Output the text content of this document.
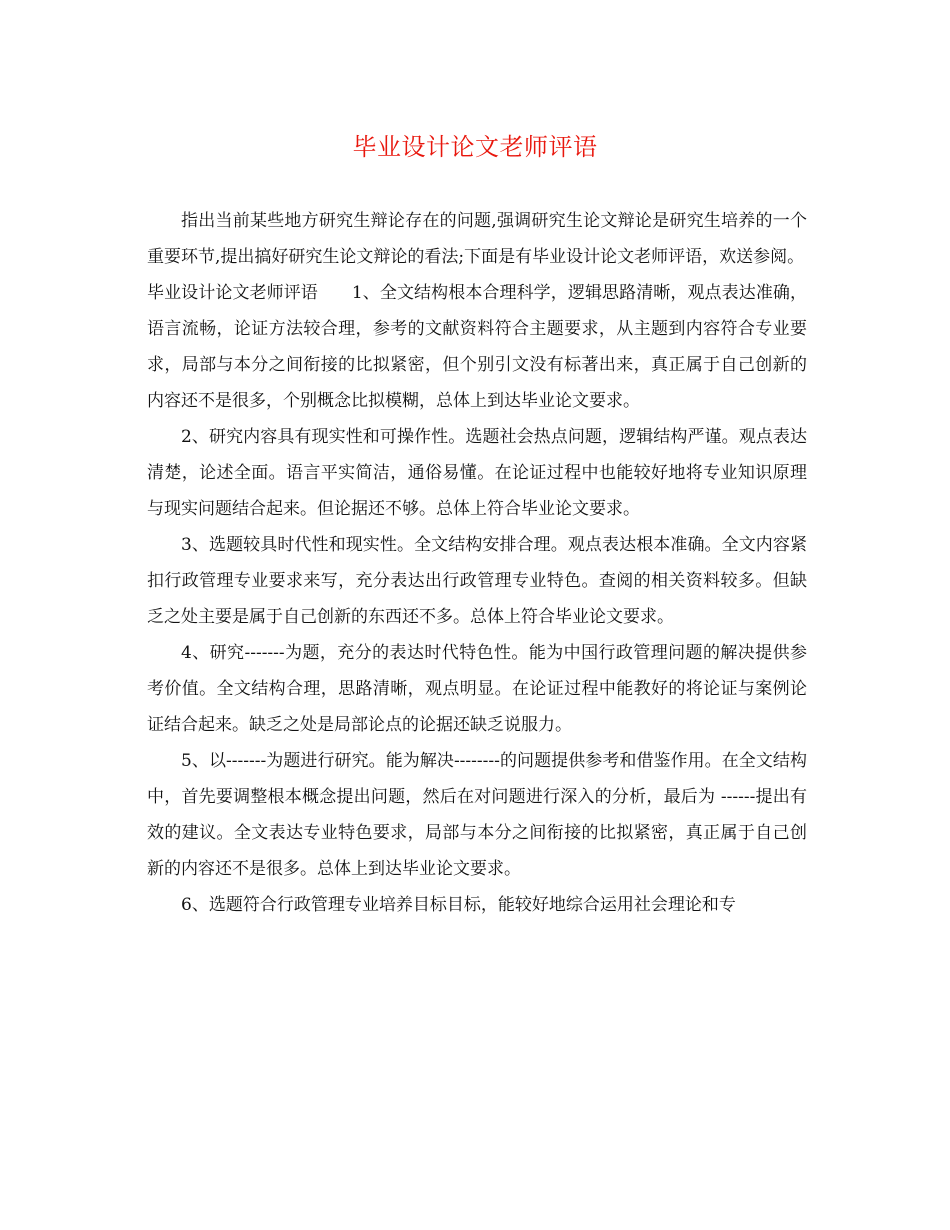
毕业设计论文老师评语

指出当前某些地方研究生辩论存在的问题,强调研究生论文辩论是研究生培养的一个重要环节,提出搞好研究生论文辩论的看法;下面是有毕业设计论文老师评语，欢送参阅。

毕业设计论文老师评语 1、全文结构根本合理科学，逻辑思路清晰，观点表达准确，语言流畅，论证方法较合理，参考的文献资料符合主题要求，从主题到内容符合专业要求，局部与本分之间衔接的比拟紧密，但个别引文没有标著出来，真正属于自己创新的内容还不是很多，个别概念比拟模糊，总体上到达毕业论文要求。

2、研究内容具有现实性和可操作性。选题社会热点问题，逻辑结构严谨。观点表达清楚，论述全面。语言平实简洁，通俗易懂。在论证过程中也能较好地将专业知识原理与现实问题结合起来。但论据还不够。总体上符合毕业论文要求。

3、选题较具时代性和现实性。全文结构安排合理。观点表达根本准确。全文内容紧扣行政管理专业要求来写，充分表达出行政管理专业特色。查阅的相关资料较多。但缺乏之处主要是属于自己创新的东西还不多。总体上符合毕业论文要求。

4、研究-------为题，充分的表达时代特色性。能为中国行政管理问题的解决提供参考价值。全文结构合理，思路清晰，观点明显。在论证过程中能教好的将论证与案例论证结合起来。缺乏之处是局部论点的论据还缺乏说服力。

5、以-------为题进行研究。能为解决--------的问题提供参考和借鉴作用。在全文结构中，首先要调整根本概念提出问题，然后在对问题进行深入的分析，最后为 ------提出有效的建议。全文表达专业特色要求，局部与本分之间衔接的比拟紧密，真正属于自己创新的内容还不是很多。总体上到达毕业论文要求。

6、选题符合行政管理专业培养目标目标，能较好地综合运用社会理论和专
